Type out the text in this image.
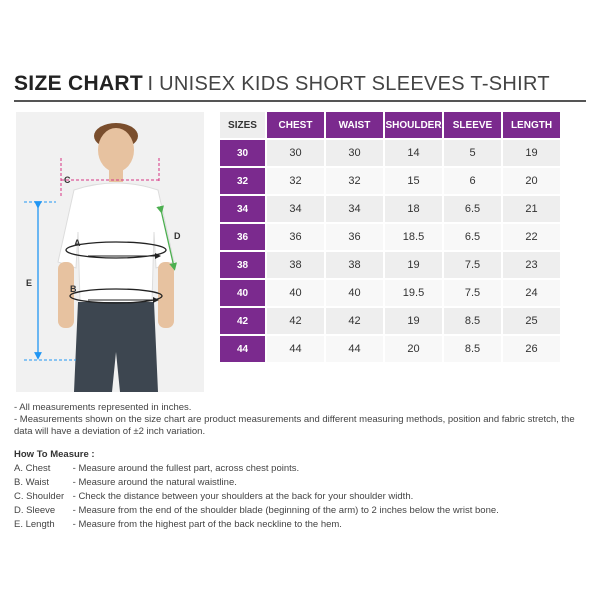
SIZE CHART I UNISEX KIDS SHORT SLEEVES T-SHIRT
C
D
A
B
E
SIZES	CHEST	WAIST	SHOULDER	SLEEVE	LENGTH
30	30	30	14	5	19
32	32	32	15	6	20
34	34	34	18	6.5	21
36	36	36	18.5	6.5	22
38	38	38	19	7.5	23
40	40	40	19.5	7.5	24
42	42	42	19	8.5	25
44	44	44	20	8.5	26

- All measurements represented in inches.

- Measurements shown on the size chart are product measurements and different measuring methods, position and fabric stretch, the data will have a deviation of ±2 inch variation.

How To Measure :
A. Chest - Measure around the fullest part, across chest points.
B. Waist - Measure around the natural waistline.
C. Shoulder - Check the distance between your shoulders at the back for your shoulder width.
D. Sleeve - Measure from the end of the shoulder blade (beginning of the arm) to 2 inches below the wrist bone.
E. Length - Measure from the highest part of the back neckline to the hem.
